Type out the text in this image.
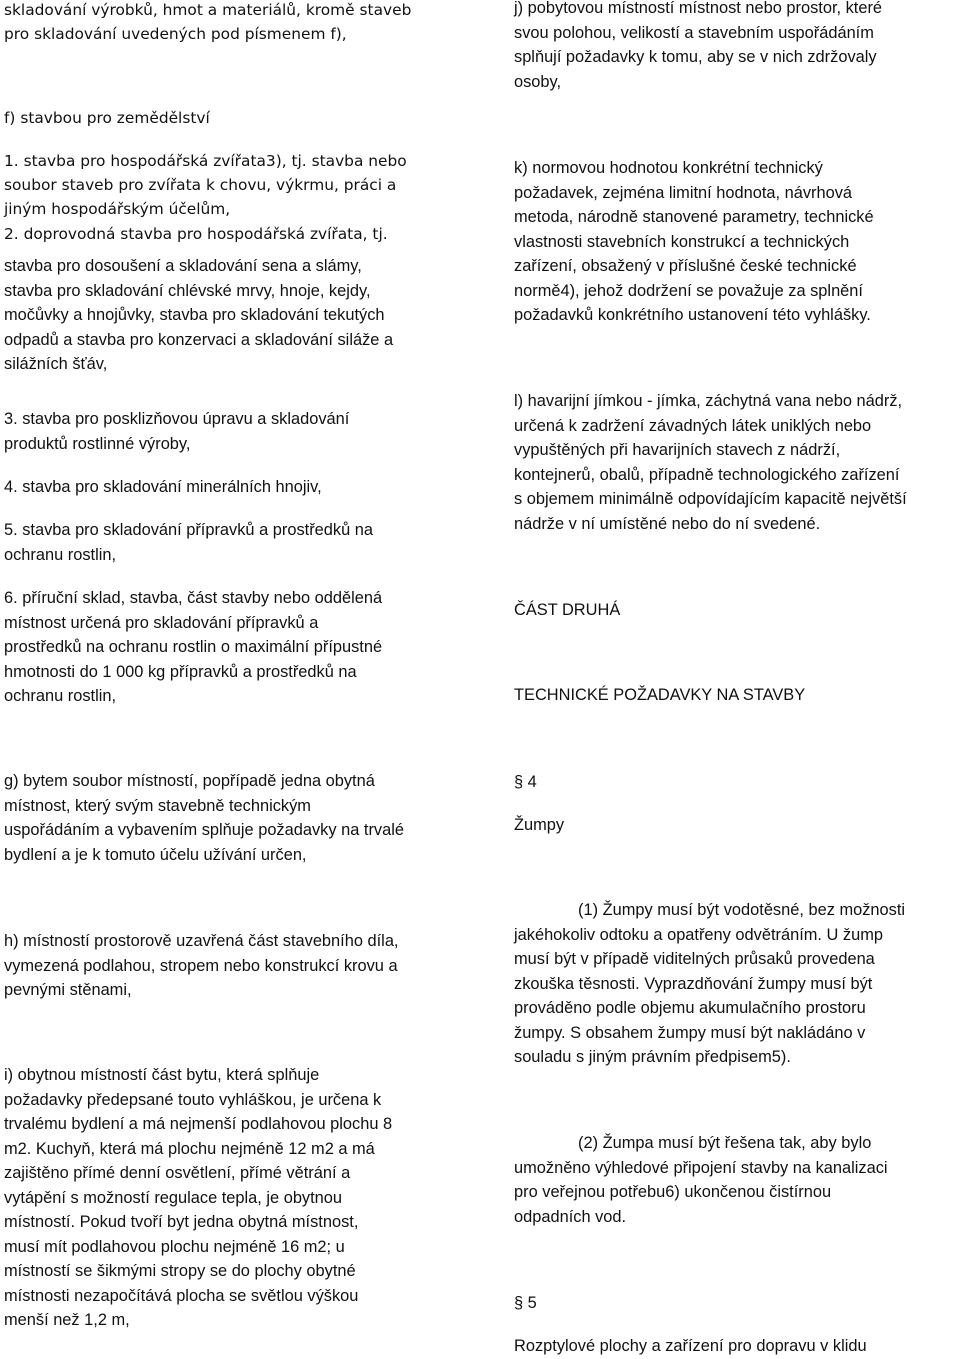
skladování výrobků, hmot a materiálů, kromě staveb
pro skladování uvedených pod písmenem f),

f) stavbou pro zemědělství

1. stavba pro hospodářská zvířata3), tj. stavba nebo
soubor staveb pro zvířata k chovu, výkrmu, práci a
jiným hospodářským účelům,

2. doprovodná stavba pro hospodářská zvířata, tj.

stavba pro dosoušení a skladování sena a slámy,
stavba pro skladování chlévské mrvy, hnoje, kejdy,
močůvky a hnojůvky, stavba pro skladování tekutých
odpadů a stavba pro konzervaci a skladování siláže a
silážních šťáv,

3. stavba pro posklizňovou úpravu a skladování
produktů rostlinné výroby,

4. stavba pro skladování minerálních hnojiv,

5. stavba pro skladování přípravků a prostředků na
ochranu rostlin,

6. příruční sklad, stavba, část stavby nebo oddělená
místnost určená pro skladování přípravků a
prostředků na ochranu rostlin o maximální přípustné
hmotnosti do 1 000 kg přípravků a prostředků na
ochranu rostlin,

g) bytem soubor místností, popřípadě jedna obytná
místnost, který svým stavebně technickým
uspořádáním a vybavením splňuje požadavky na trvalé
bydlení a je k tomuto účelu užívání určen,

h) místností prostorově uzavřená část stavebního díla,
vymezená podlahou, stropem nebo konstrukcí krovu a
pevnými stěnami,

i) obytnou místností část bytu, která splňuje
požadavky předepsané touto vyhláškou, je určena k
trvalému bydlení a má nejmenší podlahovou plochu 8
m2. Kuchyň, která má plochu nejméně 12 m2 a má
zajištěno přímé denní osvětlení, přímé větrání a
vytápění s možností regulace tepla, je obytnou
místností. Pokud tvoří byt jedna obytná místnost,
musí mít podlahovou plochu nejméně 16 m2; u
místností se šikmými stropy se do plochy obytné
místnosti nezapočítává plocha se světlou výškou
menší než 1,2 m,

j) pobytovou místností místnost nebo prostor, které
svou polohou, velikostí a stavebním uspořádáním
splňují požadavky k tomu, aby se v nich zdržovaly
osoby,

k) normovou hodnotou konkrétní technický
požadavek, zejména limitní hodnota, návrhová
metoda, národně stanovené parametry, technické
vlastnosti stavebních konstrukcí a technických
zařízení, obsažený v příslušné české technické
normě4), jehož dodržení se považuje za splnění
požadavků konkrétního ustanovení této vyhlášky.

l) havarijní jímkou - jímka, záchytná vana nebo nádrž,
určená k zadržení závadných látek uniklých nebo
vypuštěných při havarijních stavech z nádrží,
kontejnerů, obalů, případně technologického zařízení
s objemem minimálně odpovídajícím kapacitě největší
nádrže v ní umístěné nebo do ní svedené.

ČÁST DRUHÁ

TECHNICKÉ POŽADAVKY NA STAVBY

§ 4

Žumpy

(1) Žumpy musí být vodotěsné, bez možnosti
jakéhokoliv odtoku a opatřeny odvětráním. U žump
musí být v případě viditelných průsaků provedena
zkouška těsnosti. Vyprazdňování žumpy musí být
prováděno podle objemu akumulačního prostoru
žumpy. S obsahem žumpy musí být nakládáno v
souladu s jiným právním předpisem5).

(2) Žumpa musí být řešena tak, aby bylo
umožněno výhledové připojení stavby na kanalizaci
pro veřejnou potřebu6) ukončenou čistírnou
odpadních vod.

§ 5

Rozptylové plochy a zařízení pro dopravu v klidu
